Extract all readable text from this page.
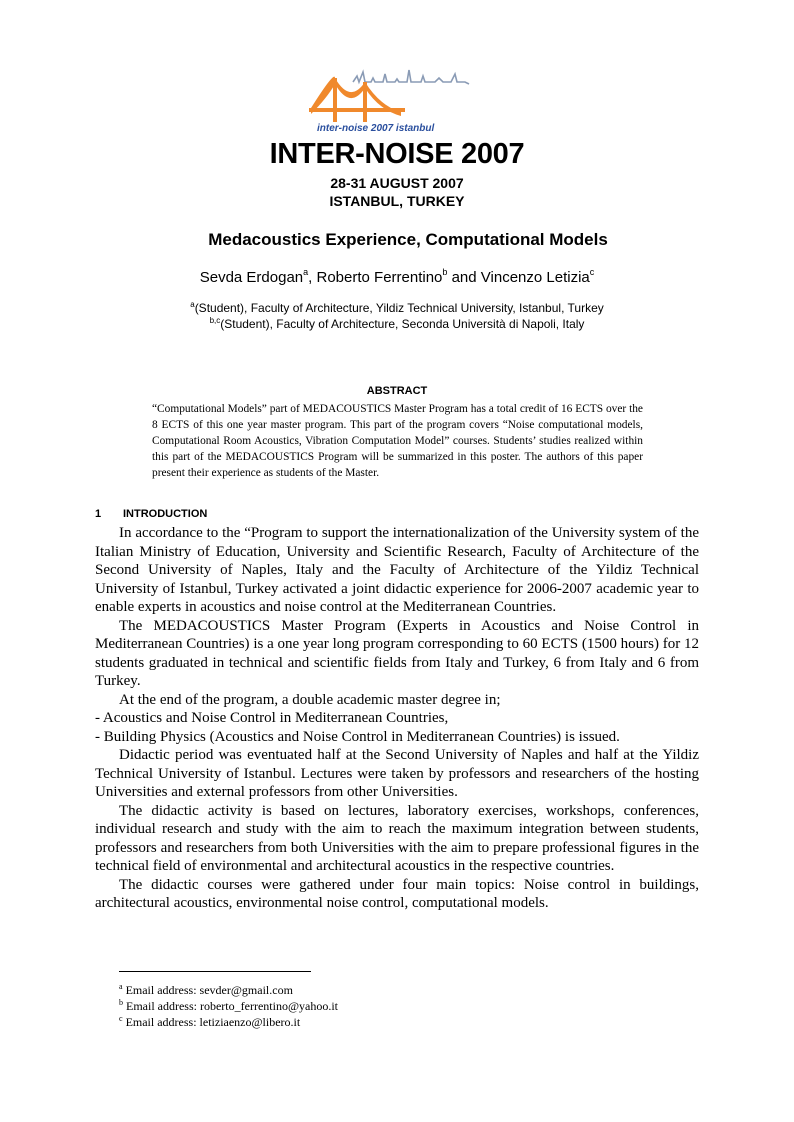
inter-noise 2007 istanbul
INTER-NOISE 2007
28-31 AUGUST 2007
ISTANBUL, TURKEY
Medacoustics Experience, Computational Models
Sevda Erdogan$^a$, Roberto Ferrentino$^b$ and Vincenzo Letizia$^c$
$^a$(Student), Faculty of Architecture, Yildiz Technical University, Istanbul, Turkey
$^{b,c}$(Student), Faculty of Architecture, Seconda Università di Napoli, Italy
ABSTRACT
“Computational Models” part of MEDACOUSTICS Master Program has a total credit of 16 ECTS over the 8 ECTS of this one year master program. This part of the program covers “Noise computational models, Computational Room Acoustics, Vibration Computation Model” courses. Students’ studies realized within this part of the MEDACOUSTICS Program will be summarized in this poster. The authors of this paper present their experience as students of the Master.
1 INTRODUCTION

In accordance to the “Program to support the internationalization of the University system of the Italian Ministry of Education, University and Scientific Research, Faculty of Architecture of the Second University of Naples, Italy and the Faculty of Architecture of the Yildiz Technical University of Istanbul, Turkey activated a joint didactic experience for 2006-2007 academic year to enable experts in acoustics and noise control at the Mediterranean Countries.

The MEDACOUSTICS Master Program (Experts in Acoustics and Noise Control in Mediterranean Countries) is a one year long program corresponding to 60 ECTS (1500 hours) for 12 students graduated in technical and scientific fields from Italy and Turkey, 6 from Italy and 6 from Turkey.

At the end of the program, a double academic master degree in;

- Acoustics and Noise Control in Mediterranean Countries,

- Building Physics (Acoustics and Noise Control in Mediterranean Countries) is issued.

Didactic period was eventuated half at the Second University of Naples and half at the Yildiz Technical University of Istanbul. Lectures were taken by professors and researchers of the hosting Universities and external professors from other Universities.

The didactic activity is based on lectures, laboratory exercises, workshops, conferences, individual research and study with the aim to reach the maximum integration between students, professors and researchers from both Universities with the aim to prepare professional figures in the technical field of environmental and architectural acoustics in the respective countries.

The didactic courses were gathered under four main topics: Noise control in buildings, architectural acoustics, environmental noise control, computational models.

$^a$ Email address: sevder@gmail.com
$^b$ Email address: roberto_ferrentino@yahoo.it
$^c$ Email address: letiziaenzo@libero.it
